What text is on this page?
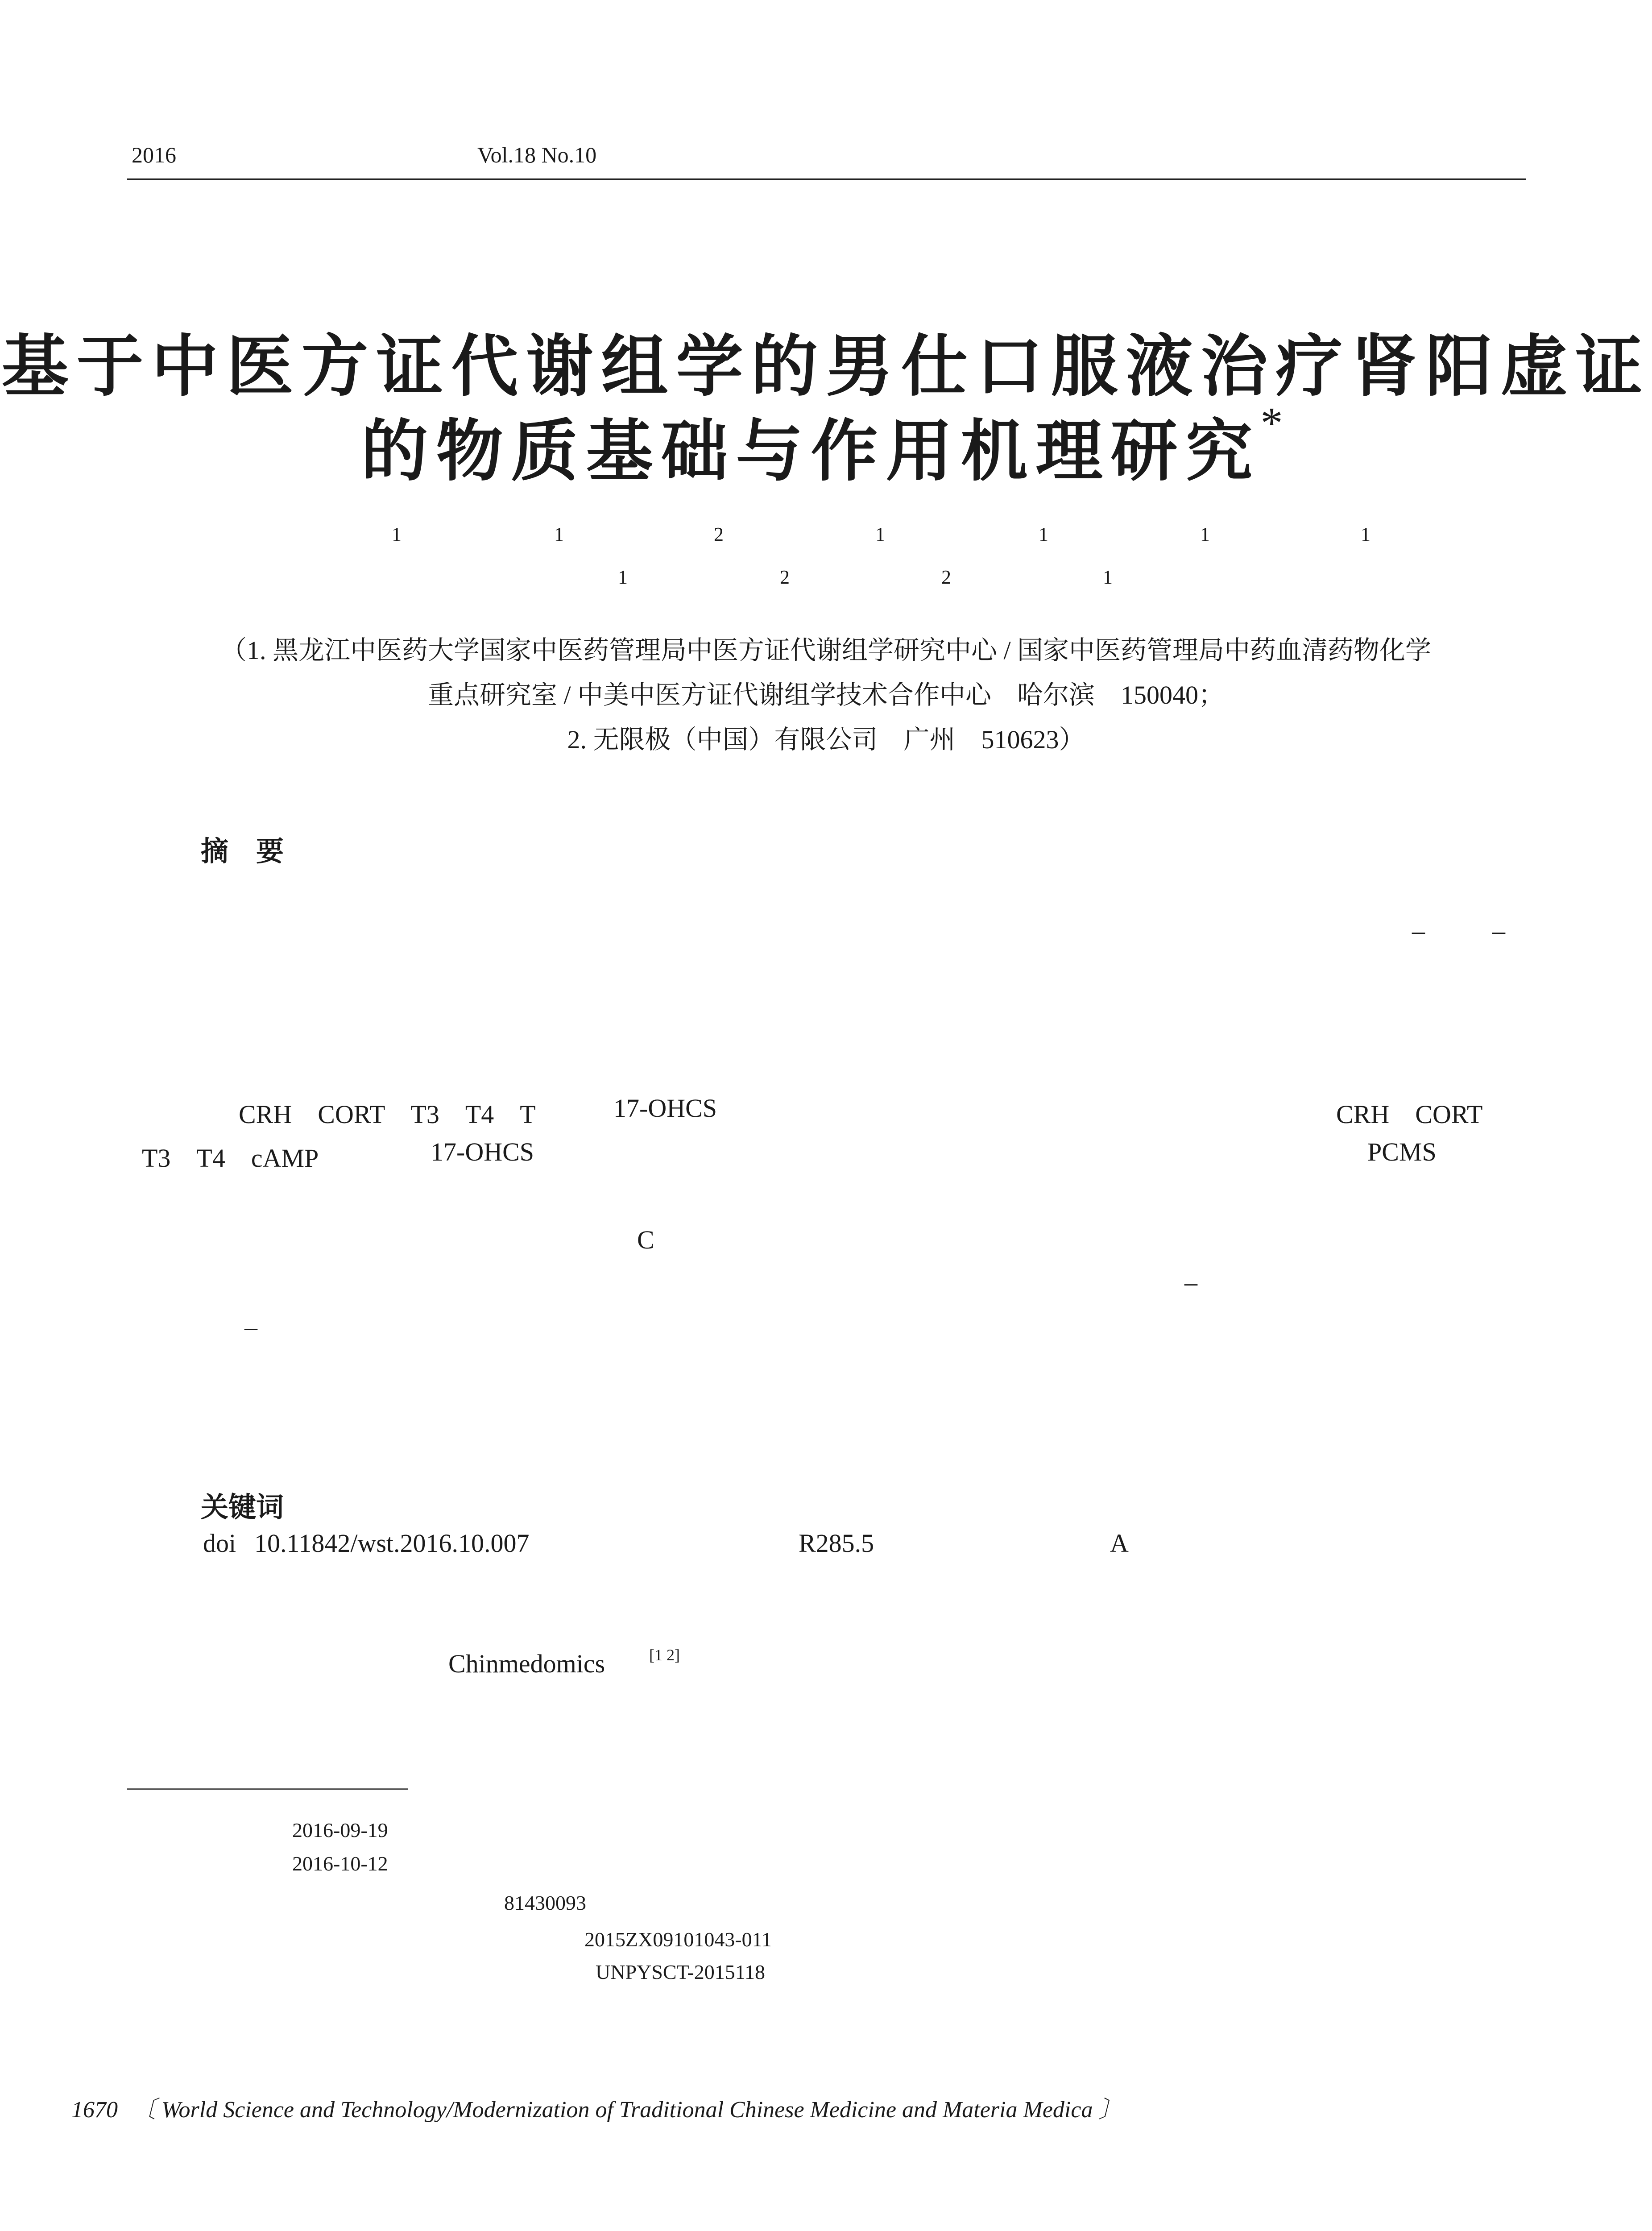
2016	Vol.18 No.10
基于中医方证代谢组学的男仕口服液治疗肾阳虚证
的物质基础与作用机理研究*
1	1	2	1	1	1	1
1	2	2	1
（1. 黑龙江中医药大学国家中医药管理局中医方证代谢组学研究中心 / 国家中医药管理局中药血清药物化学
重点研究室 / 中美中医方证代谢组学技术合作中心　哈尔滨　150040；
2. 无限极（中国）有限公司　广州　510623）
摘　要
–	–
CRH　CORT　T3　T4　T	17-OHCS	CRH　CORT
T3　T4　cAMP	17-OHCS	PCMS
C
–
–
关键词
doi 10.11842/wst.2016.10.007	R285.5	A
Chinmedomics	[1 2]
2016-09-19
2016-10-12
81430093
2015ZX09101043-011
UNPYSCT-2015118
1670 〔 World Science and Technology/Modernization of Traditional Chinese Medicine and Materia Medica 〕
